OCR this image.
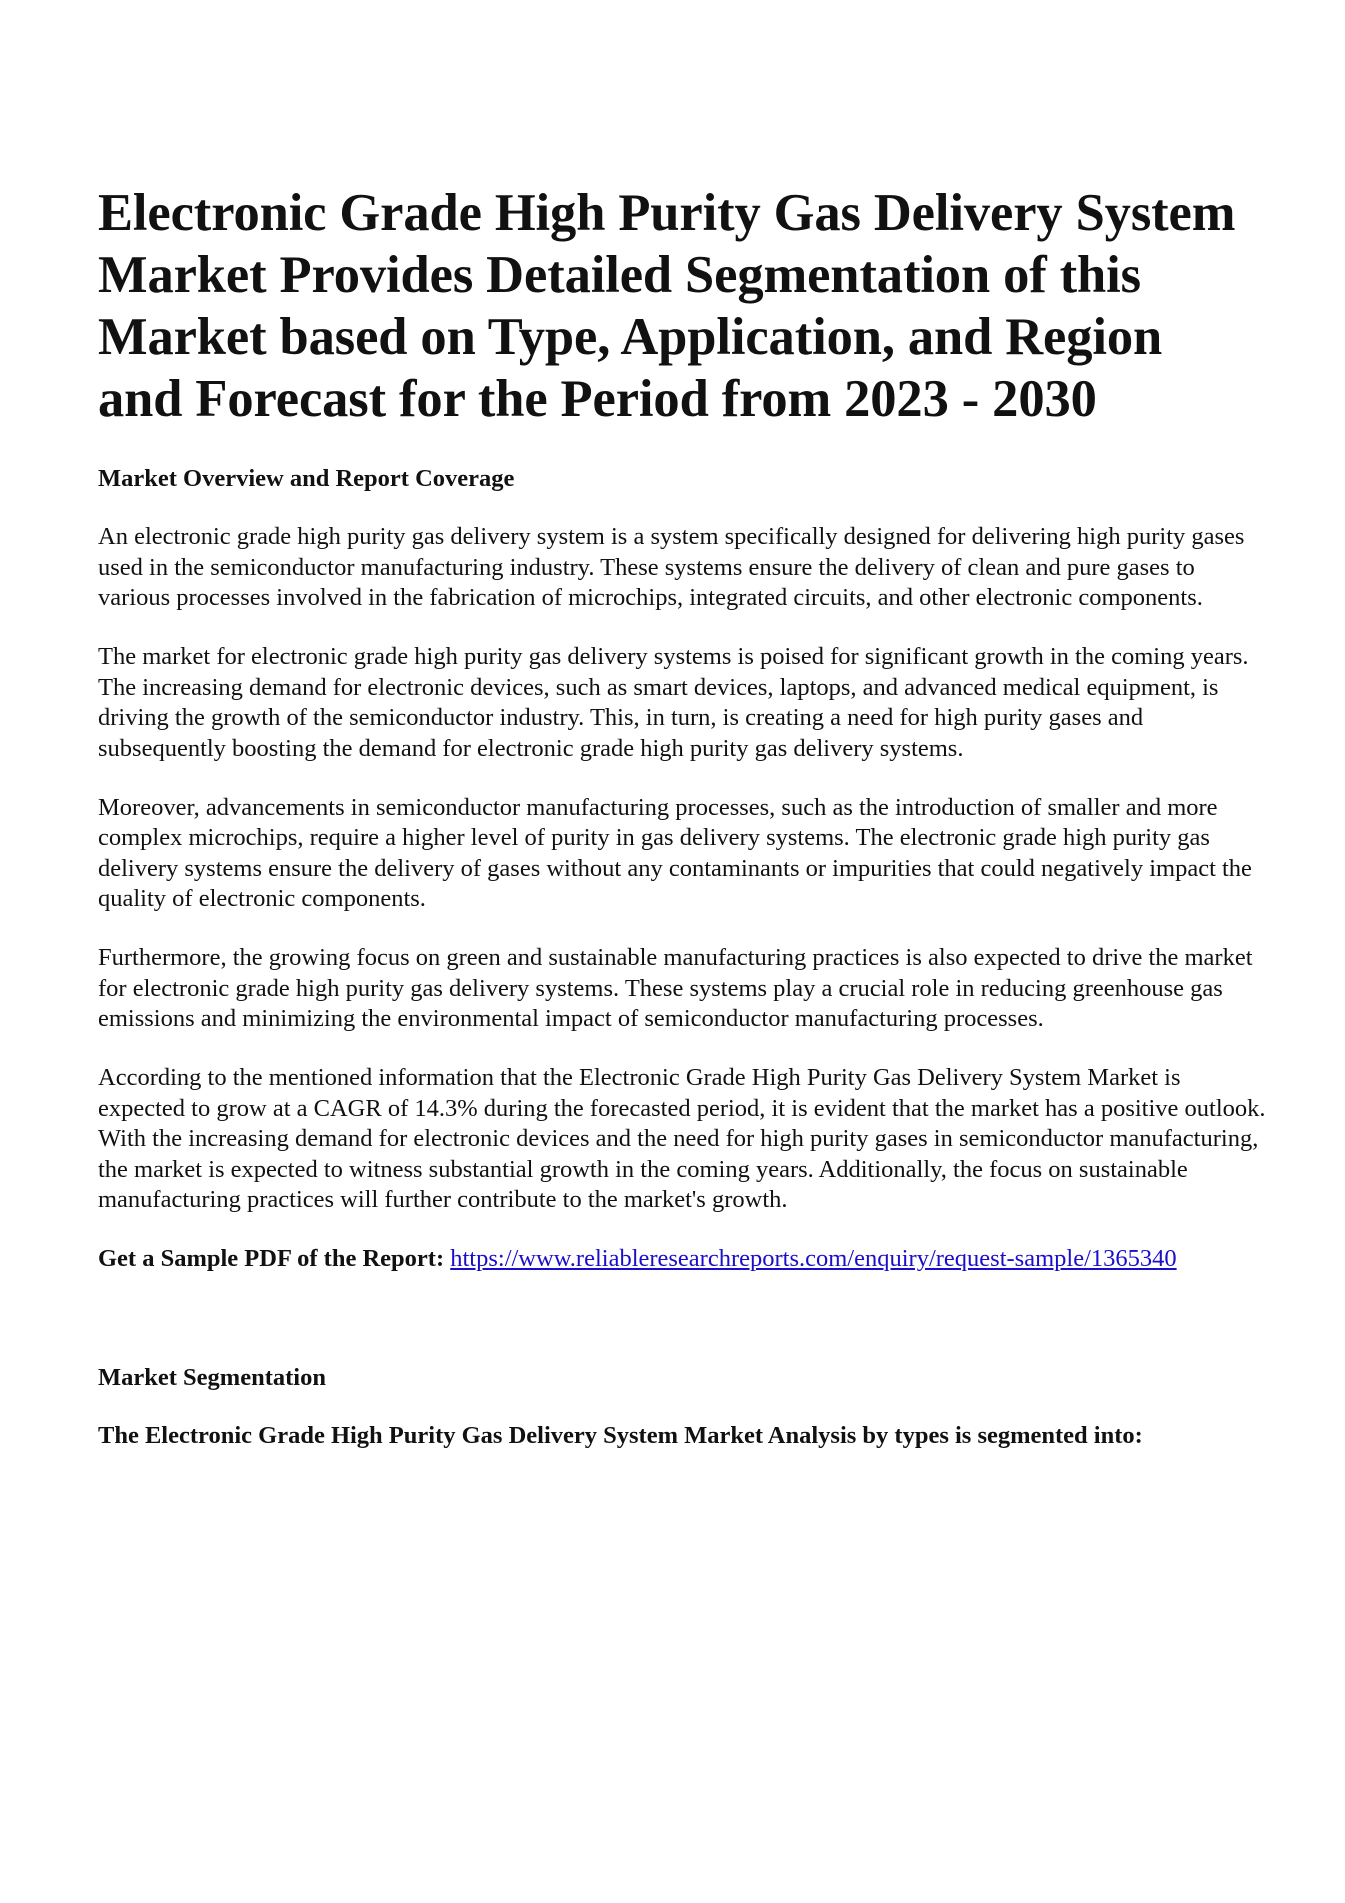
Electronic Grade High Purity Gas Delivery System Market Provides Detailed Segmentation of this Market based on Type, Application, and Region and Forecast for the Period from 2023 - 2030
Market Overview and Report Coverage

An electronic grade high purity gas delivery system is a system specifically designed for delivering high purity gases used in the semiconductor manufacturing industry. These systems ensure the delivery of clean and pure gases to various processes involved in the fabrication of microchips, integrated circuits, and other electronic components.

The market for electronic grade high purity gas delivery systems is poised for significant growth in the coming years. The increasing demand for electronic devices, such as smart devices, laptops, and advanced medical equipment, is driving the growth of the semiconductor industry. This, in turn, is creating a need for high purity gases and subsequently boosting the demand for electronic grade high purity gas delivery systems.

Moreover, advancements in semiconductor manufacturing processes, such as the introduction of smaller and more complex microchips, require a higher level of purity in gas delivery systems. The electronic grade high purity gas delivery systems ensure the delivery of gases without any contaminants or impurities that could negatively impact the quality of electronic components.

Furthermore, the growing focus on green and sustainable manufacturing practices is also expected to drive the market for electronic grade high purity gas delivery systems. These systems play a crucial role in reducing greenhouse gas emissions and minimizing the environmental impact of semiconductor manufacturing processes.

According to the mentioned information that the Electronic Grade High Purity Gas Delivery System Market is expected to grow at a CAGR of 14.3% during the forecasted period, it is evident that the market has a positive outlook. With the increasing demand for electronic devices and the need for high purity gases in semiconductor manufacturing, the market is expected to witness substantial growth in the coming years. Additionally, the focus on sustainable manufacturing practices will further contribute to the market's growth.

Get a Sample PDF of the Report: https://www.reliableresearchreports.com/enquiry/request-sample/1365340

Market Segmentation
The Electronic Grade High Purity Gas Delivery System Market Analysis by types is segmented into:
